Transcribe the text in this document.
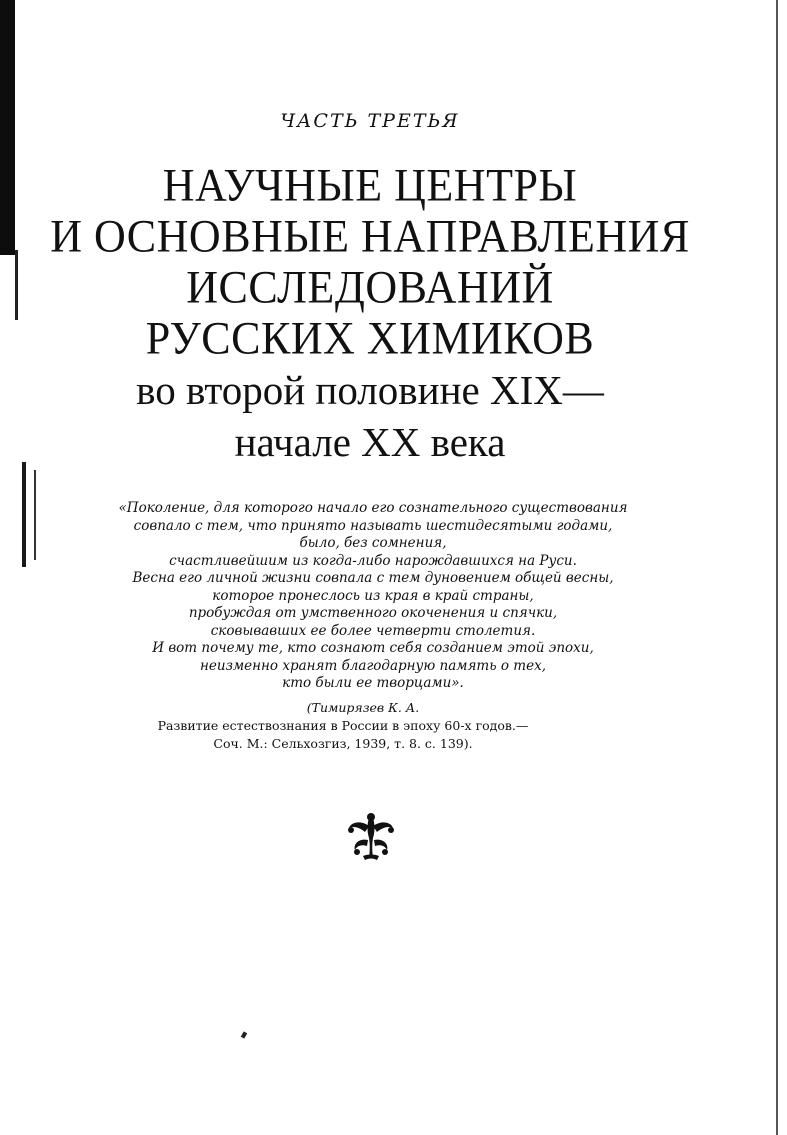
ЧАСТЬ ТРЕТЬЯ
НАУЧНЫЕ ЦЕНТРЫ
И ОСНОВНЫЕ НАПРАВЛЕНИЯ
ИССЛЕДОВАНИЙ
РУССКИХ ХИМИКОВ
во второй половине XIX—
начале XX века
«Поколение, для которого начало его сознательного существования
совпало с тем, что принято называть шестидесятыми годами,
было, без сомнения,
счастливейшим из когда-либо нарождавшихся на Руси.
Весна его личной жизни совпала с тем дуновением общей весны,
которое пронеслось из края в край страны,
пробуждая от умственного окоченения и спячки,
сковывавших ее более четверти столетия.
И вот почему те, кто сознают себя созданием этой эпохи,
неизменно хранят благодарную память о тех,
кто были ее творцами».
(Тимирязев К. А.
Развитие естествознания в России в эпоху 60-х годов.—
Соч. М.: Сельхозгиз, 1939, т. 8. с. 139).
